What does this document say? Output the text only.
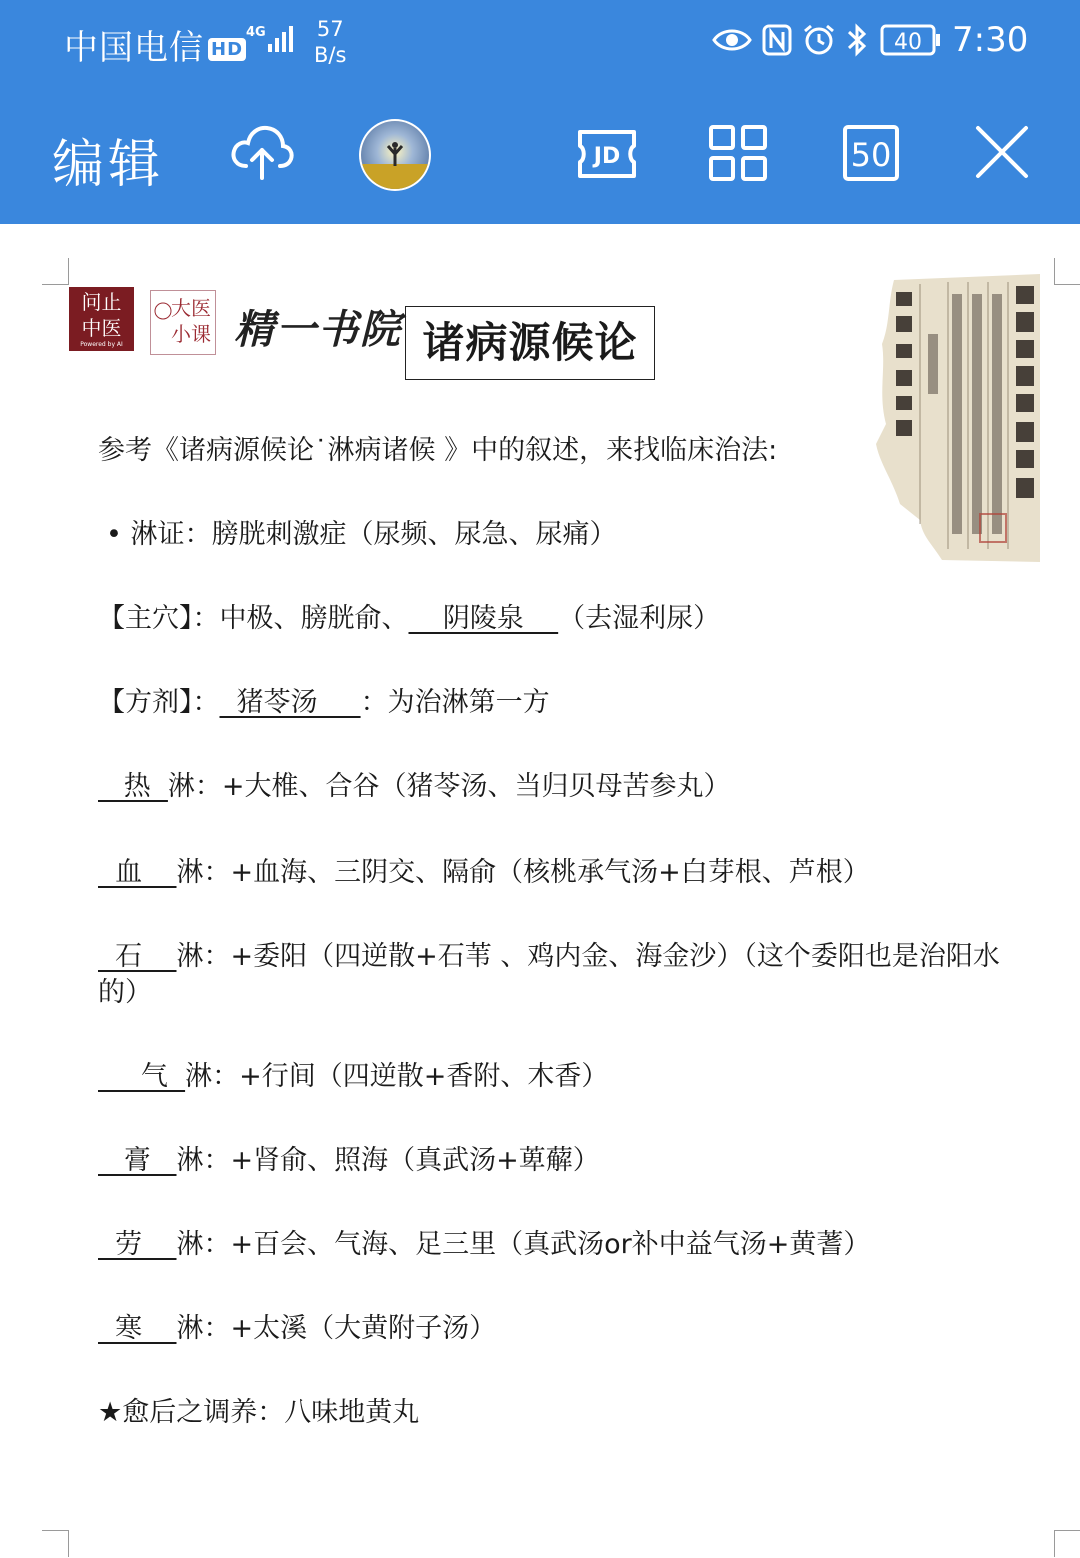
中国电信 HD
4G 57
B/s	40 7:30
编辑	JD	50
问止
中医
Powered by AI
大医
小课 精一书院 诸病源候论
参考《诸病源候论˙淋病诸候 》中的叙述，来找临床治法:
• 淋证：膀胱刺激症（尿频、尿急、尿痛）
【主穴】：中极、膀胱俞、    阴陵泉    （去湿利尿）
【方剂】：  猪苓汤     ：为治淋第一方
热  淋：+大椎、合谷（猪苓汤、当归贝母苦参丸）
血    淋：+血海、三阴交、隔俞（核桃承气汤+白芽根、芦根）
石    淋：+委阳（四逆散+石苇 、鸡内金、海金沙）（这个委阳也是治阳水
的）
气  淋：+行间（四逆散+香附、木香）
膏   淋：+肾俞、照海（真武汤+萆薢）
劳    淋：+百会、气海、足三里（真武汤or补中益气汤+黄蓍）
寒    淋：+太溪（大黄附子汤）
★愈后之调养：八味地黄丸
